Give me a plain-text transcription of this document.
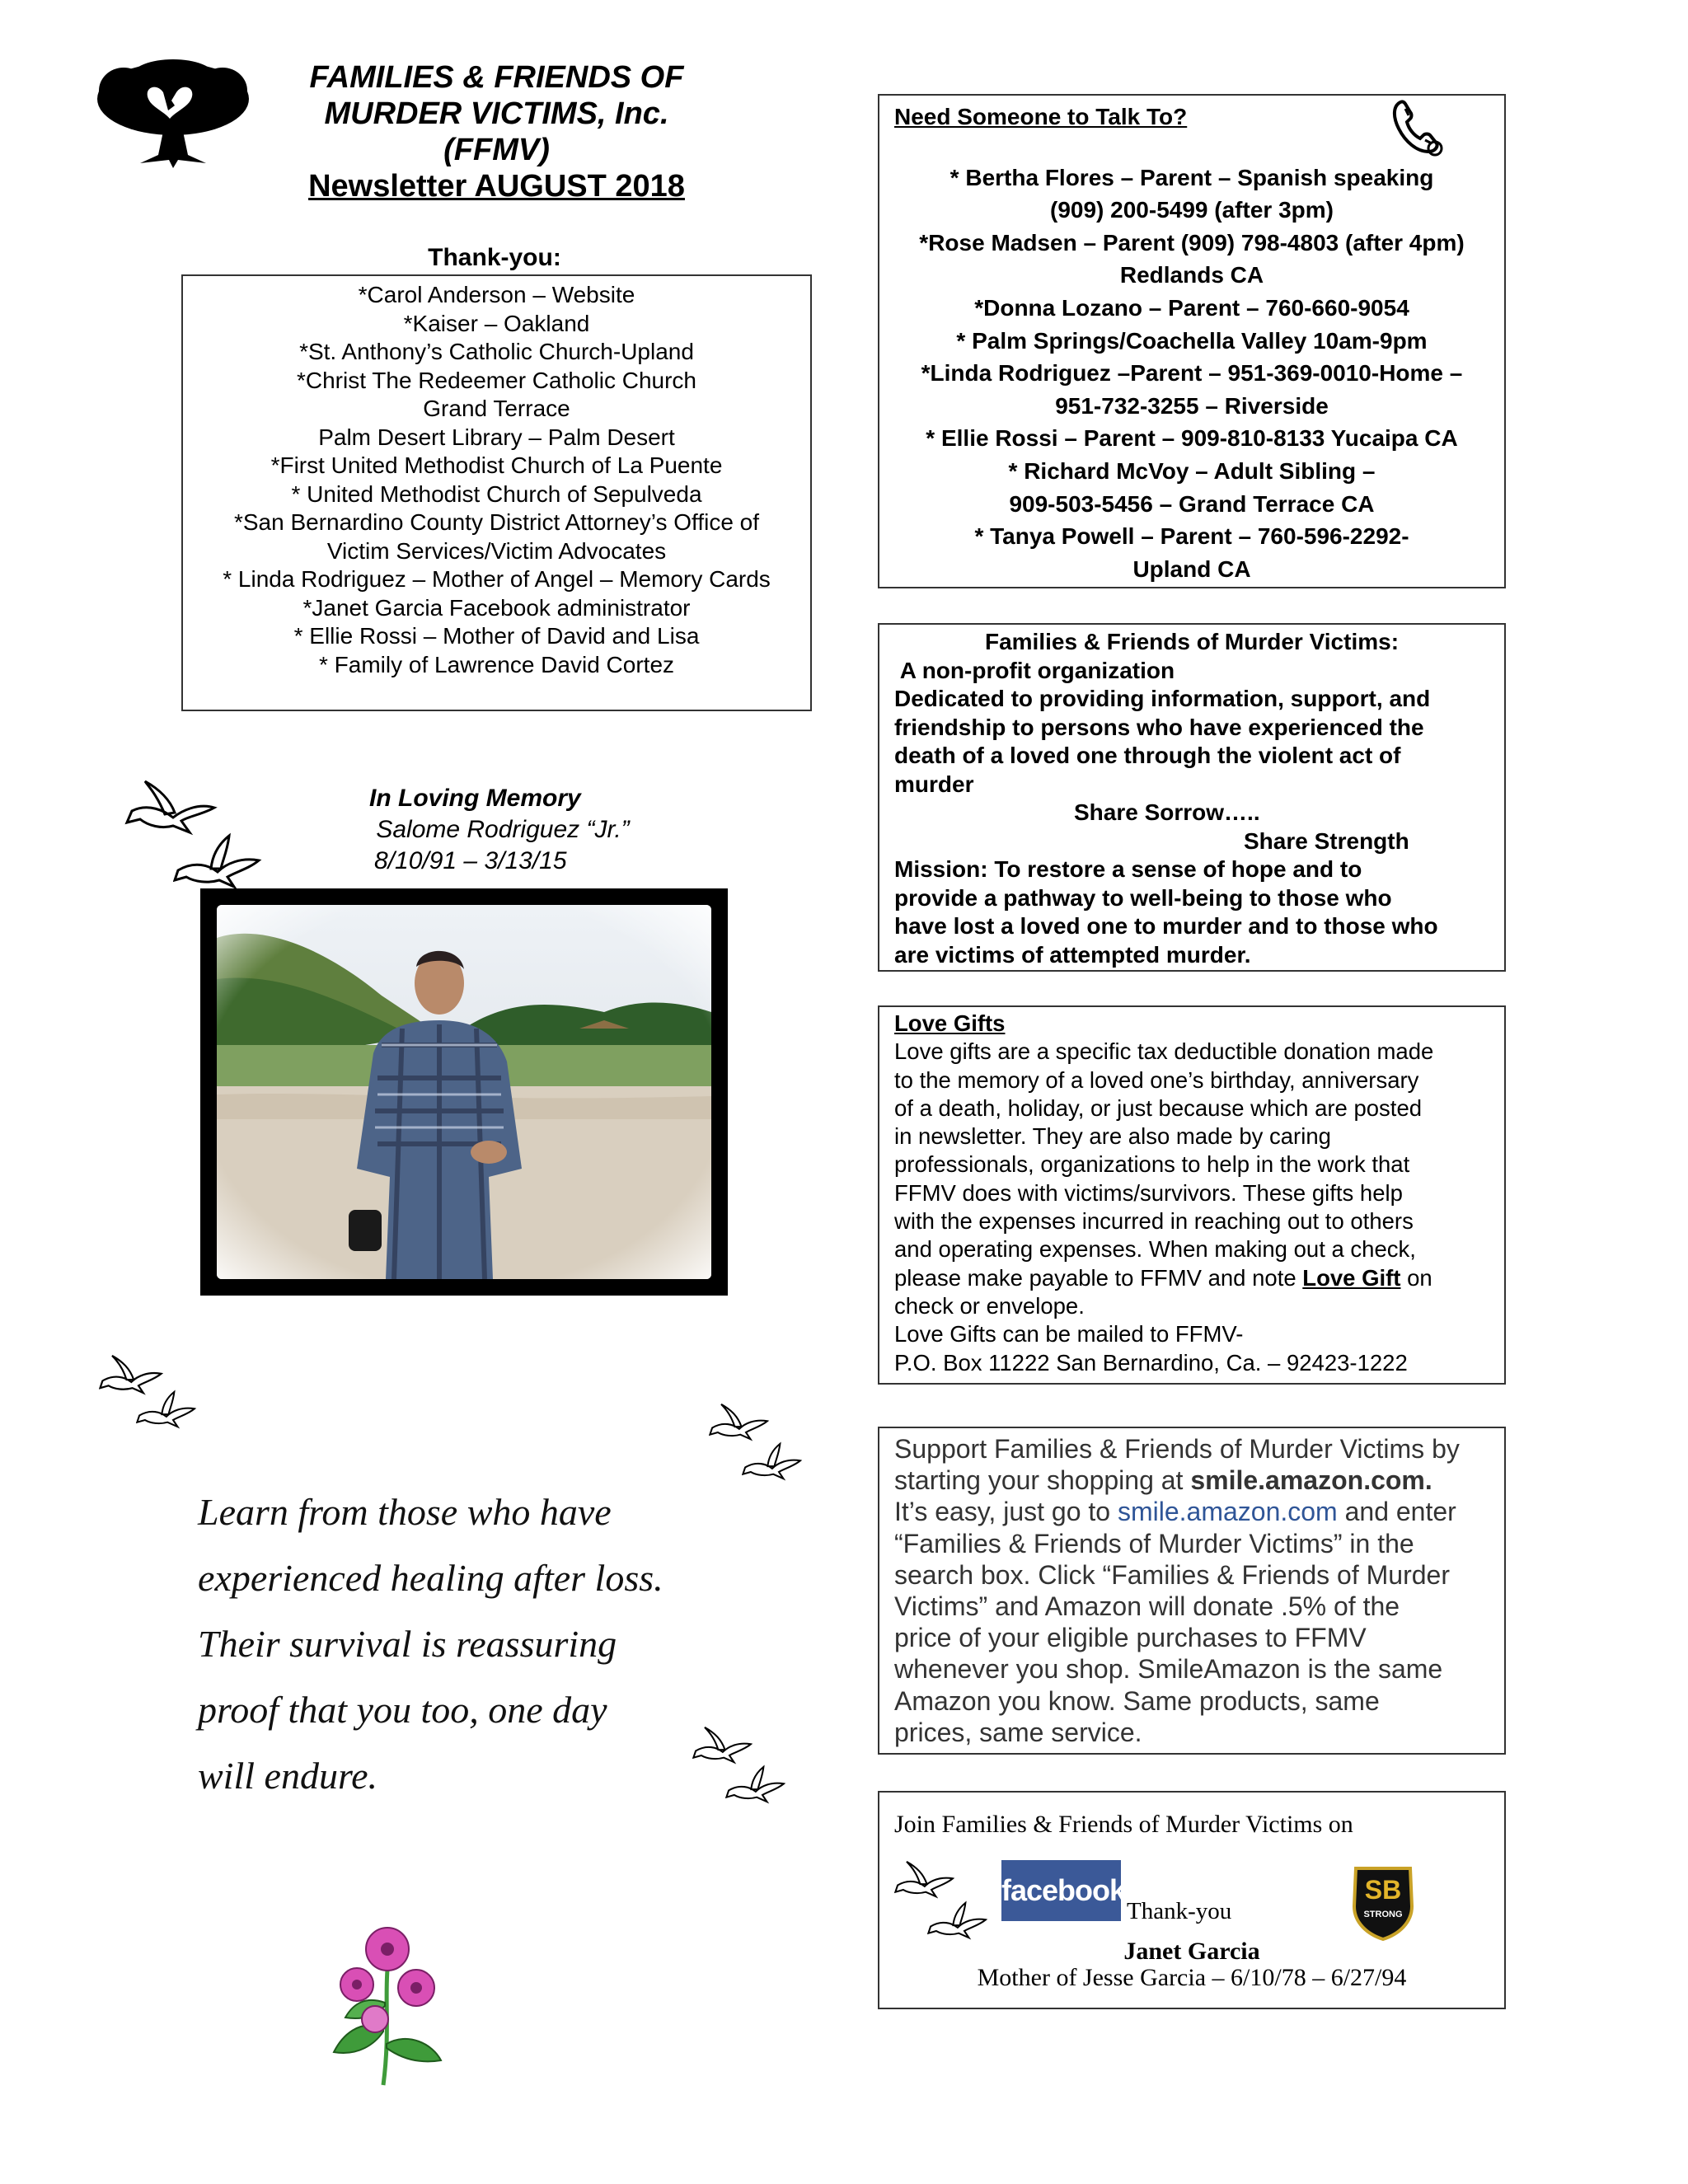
FAMILIES & FRIENDS OF
MURDER VICTIMS, Inc.
(FFMV)
Newsletter AUGUST 2018
Thank-you:
*Carol Anderson – Website
*Kaiser – Oakland
*St. Anthony’s Catholic Church-Upland
*Christ The Redeemer Catholic Church
Grand Terrace
Palm Desert Library – Palm Desert
*First United Methodist Church of La Puente
* United Methodist Church of Sepulveda
*San Bernardino County District Attorney’s Office of
Victim Services/Victim Advocates
* Linda Rodriguez – Mother of Angel – Memory Cards
*Janet Garcia Facebook administrator
* Ellie Rossi – Mother of David and Lisa
* Family of Lawrence David Cortez
Need Someone to Talk To?
* Bertha Flores – Parent – Spanish speaking
(909) 200-5499 (after 3pm)
*Rose Madsen – Parent (909) 798-4803 (after 4pm)
Redlands CA
*Donna Lozano – Parent – 760-660-9054
* Palm Springs/Coachella Valley 10am-9pm
*Linda Rodriguez –Parent – 951-369-0010-Home –
951-732-3255 – Riverside
* Ellie Rossi – Parent – 909-810-8133 Yucaipa CA
* Richard McVoy – Adult Sibling –
909-503-5456 – Grand Terrace CA
* Tanya Powell – Parent – 760-596-2292-
Upland CA
Families & Friends of Murder Victims:
A non-profit organization
Dedicated to providing information, support, and
friendship to persons who have experienced the
death of a loved one through the violent act of
murder
Share Sorrow…..
Share Strength
Mission: To restore a sense of hope and to
provide a pathway to well-being to those who
have lost a loved one to murder and to those who
are victims of attempted murder.
Love Gifts
Love gifts are a specific tax deductible donation made
to the memory of a loved one’s birthday, anniversary
of a death, holiday, or just because which are posted
in newsletter. They are also made by caring
professionals, organizations to help in the work that
FFMV does with victims/survivors. These gifts help
with the expenses incurred in reaching out to others
and operating expenses. When making out a check,
please make payable to FFMV and note Love Gift on
check or envelope.
Love Gifts can be mailed to FFMV-
P.O. Box 11222 San Bernardino, Ca. – 92423-1222
Support Families & Friends of Murder Victims by
starting your shopping at smile.amazon.com.
It’s easy, just go to smile.amazon.com and enter
“Families & Friends of Murder Victims” in the
search box. Click “Families & Friends of Murder
Victims” and Amazon will donate .5% of the
price of your eligible purchases to FFMV
whenever you shop. SmileAmazon is the same
Amazon you know. Same products, same
prices, same service.
Join Families & Friends of Murder Victims on
facebook
Thank-you
SB
STRONG
Janet Garcia
Mother of Jesse Garcia – 6/10/78 – 6/27/94
In Loving Memory
Salome Rodriguez “Jr.”
8/10/91 – 3/13/15
Learn from those who have
experienced healing after loss.
Their survival is reassuring
proof that you too, one day
will endure.
